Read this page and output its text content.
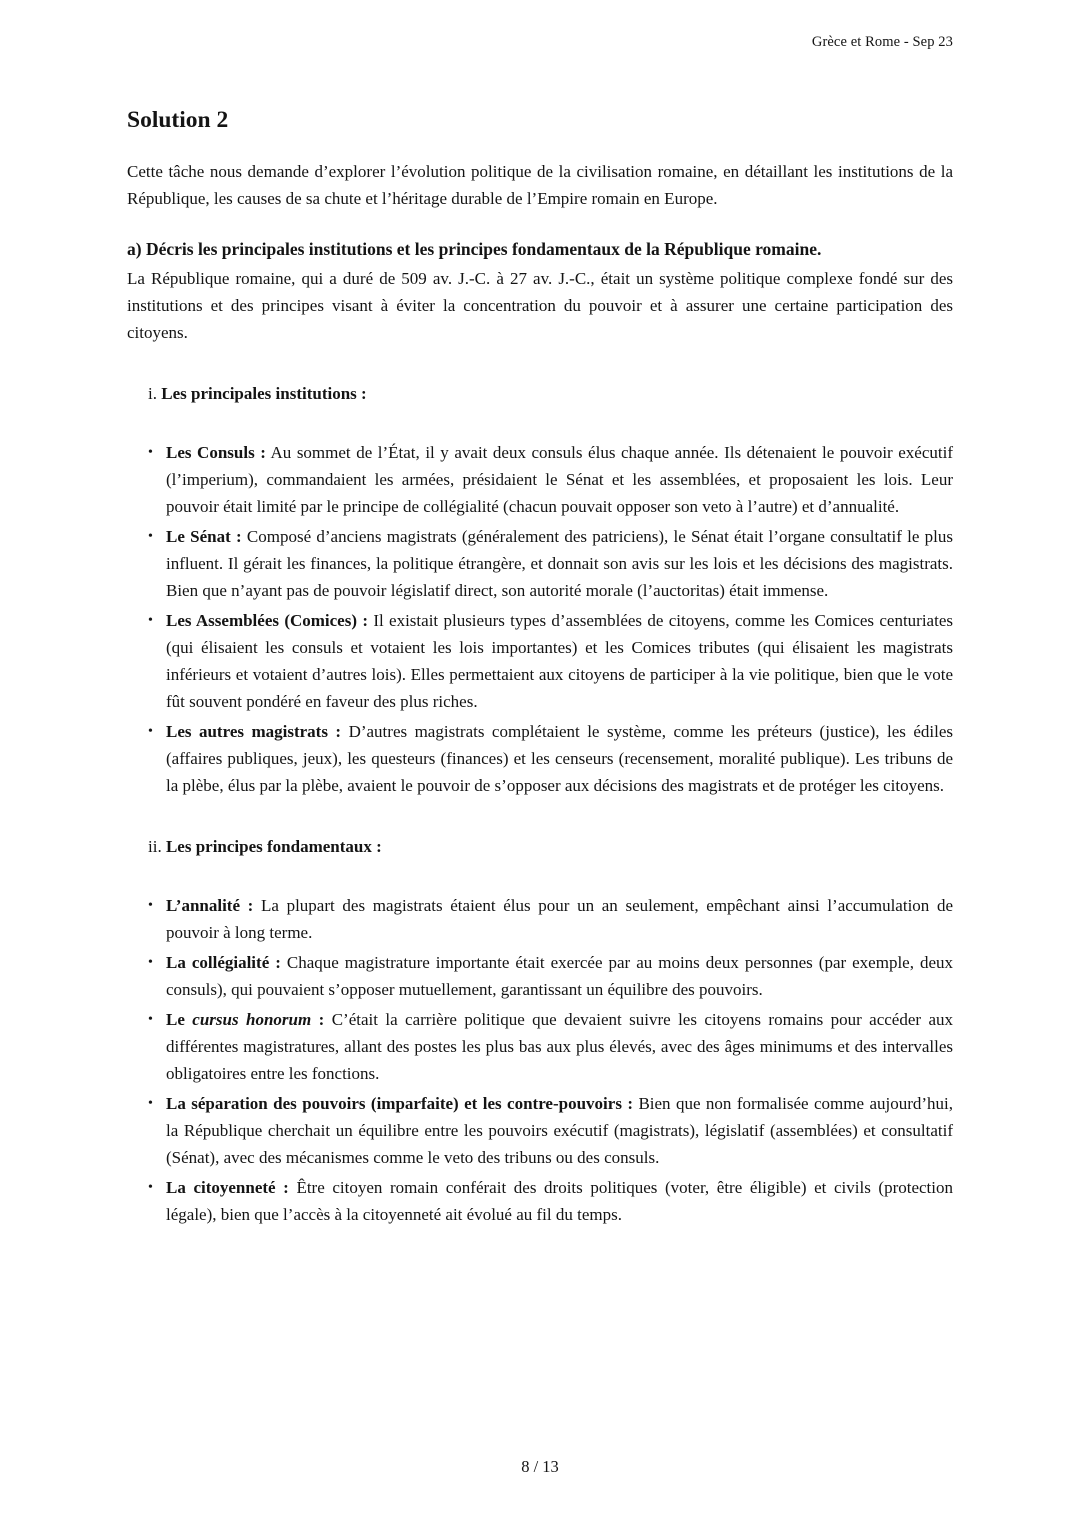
Grèce et Rome - Sep 23
Solution 2

Cette tâche nous demande d’explorer l’évolution politique de la civilisation romaine, en détaillant les institutions de la République, les causes de sa chute et l’héritage durable de l’Empire romain en Europe.

a) Décris les principales institutions et les principes fondamentaux de la République romaine.

La République romaine, qui a duré de 509 av. J.-C. à 27 av. J.-C., était un système politique complexe fondé sur des institutions et des principes visant à éviter la concentration du pouvoir et à assurer une certaine participation des citoyens.

i. Les principales institutions :
• Les Consuls : Au sommet de l’État, il y avait deux consuls élus chaque année. Ils détenaient le pouvoir exécutif (l’imperium), commandaient les armées, présidaient le Sénat et les assemblées, et proposaient les lois. Leur pouvoir était limité par le principe de collégialité (chacun pouvait opposer son veto à l’autre) et d’annualité.
• Le Sénat : Composé d’anciens magistrats (généralement des patriciens), le Sénat était l’organe consultatif le plus influent. Il gérait les finances, la politique étrangère, et donnait son avis sur les lois et les décisions des magistrats. Bien que n’ayant pas de pouvoir législatif direct, son autorité morale (l’auctoritas) était immense.
• Les Assemblées (Comices) : Il existait plusieurs types d’assemblées de citoyens, comme les Comices centuriates (qui élisaient les consuls et votaient les lois importantes) et les Comices tributes (qui élisaient les magistrats inférieurs et votaient d’autres lois). Elles permettaient aux citoyens de participer à la vie politique, bien que le vote fût souvent pondéré en faveur des plus riches.
• Les autres magistrats : D’autres magistrats complétaient le système, comme les préteurs (justice), les édiles (affaires publiques, jeux), les questeurs (finances) et les censeurs (recensement, moralité publique). Les tribuns de la plèbe, élus par la plèbe, avaient le pouvoir de s’opposer aux décisions des magistrats et de protéger les citoyens.
ii. Les principes fondamentaux :
• L’annalité : La plupart des magistrats étaient élus pour un an seulement, empêchant ainsi l’accumulation de pouvoir à long terme.
• La collégialité : Chaque magistrature importante était exercée par au moins deux personnes (par exemple, deux consuls), qui pouvaient s’opposer mutuellement, garantissant un équilibre des pouvoirs.
• Le cursus honorum : C’était la carrière politique que devaient suivre les citoyens romains pour accéder aux différentes magistratures, allant des postes les plus bas aux plus élevés, avec des âges minimums et des intervalles obligatoires entre les fonctions.
• La séparation des pouvoirs (imparfaite) et les contre-pouvoirs : Bien que non formalisée comme aujourd’hui, la République cherchait un équilibre entre les pouvoirs exécutif (magistrats), législatif (assemblées) et consultatif (Sénat), avec des mécanismes comme le veto des tribuns ou des consuls.
• La citoyenneté : Être citoyen romain conférait des droits politiques (voter, être éligible) et civils (protection légale), bien que l’accès à la citoyenneté ait évolué au fil du temps.
8 / 13
